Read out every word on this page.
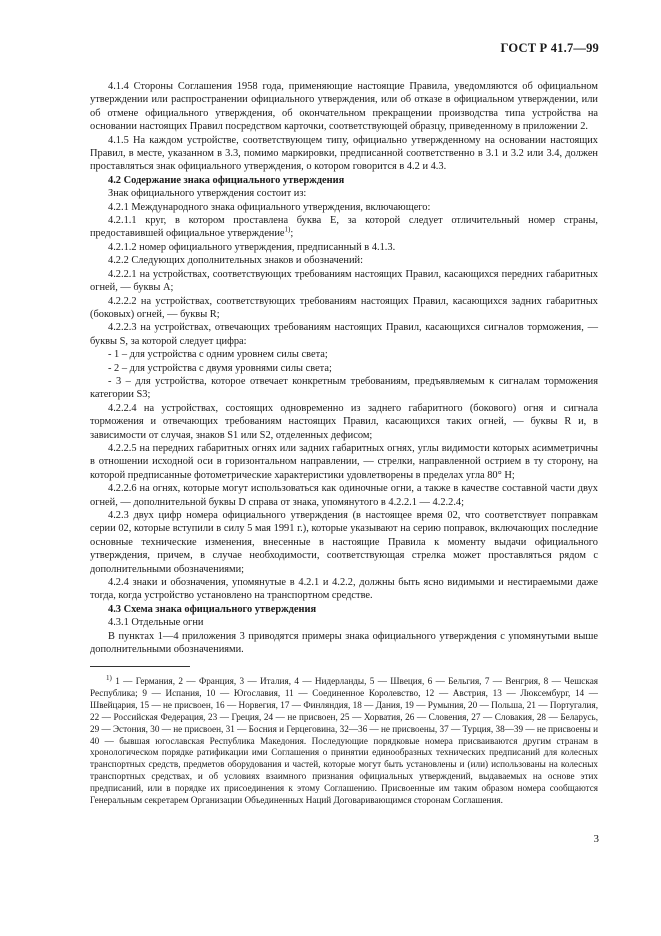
ГОСТ Р 41.7—99

4.1.4 Стороны Соглашения 1958 года, применяющие настоящие Правила, уведомляются об официальном утверждении или распространении официального утверждения, или об отказе в официальном утверждении, или об отмене официального утверждения, об окончательном прекращении производства типа устройства на основании настоящих Правил посредством карточки, соответствующей образцу, приведенному в приложении 2.

4.1.5 На каждом устройстве, соответствующем типу, официально утвержденному на основании настоящих Правил, в месте, указанном в 3.3, помимо маркировки, предписанной соответственно в 3.1 и 3.2 или 3.4, должен проставляться знак официального утверждения, о котором говорится в 4.2 и 4.3.

4.2 Содержание знака официального утверждения

Знак официального утверждения состоит из:

4.2.1 Международного знака официального утверждения, включающего:

4.2.1.1 круг, в котором проставлена буква Е, за которой следует отличительный номер страны, предоставившей официальное утверждение$^{1)}$;

4.2.1.2 номер официального утверждения, предписанный в 4.1.3.

4.2.2 Следующих дополнительных знаков и обозначений:

4.2.2.1 на устройствах, соответствующих требованиям настоящих Правил, касающихся передних габаритных огней, — буквы А;

4.2.2.2 на устройствах, соответствующих требованиям настоящих Правил, касающихся задних габаритных (боковых) огней, — буквы R;

4.2.2.3 на устройствах, отвечающих требованиям настоящих Правил, касающихся сигналов торможения, — буквы S, за которой следует цифра:

- 1 – для устройства с одним уровнем силы света;

- 2 – для устройства с двумя уровнями силы света;

- 3 – для устройства, которое отвечает конкретным требованиям, предъявляемым к сигналам торможения категории S3;

4.2.2.4 на устройствах, состоящих одновременно из заднего габаритного (бокового) огня и сигнала торможения и отвечающих требованиям настоящих Правил, касающихся таких огней, — буквы R и, в зависимости от случая, знаков S1 или S2, отделенных дефисом;

4.2.2.5 на передних габаритных огнях или задних габаритных огнях, углы видимости которых асимметричны в отношении исходной оси в горизонтальном направлении, — стрелки, направленной острием в ту сторону, на которой предписанные фотометрические характеристики удовлетворены в пределах угла 80° H;

4.2.2.6 на огнях, которые могут использоваться как одиночные огни, а также в качестве составной части двух огней, — дополнительной буквы D справа от знака, упомянутого в 4.2.2.1 — 4.2.2.4;

4.2.3 двух цифр номера официального утверждения (в настоящее время 02, что соответствует поправкам серии 02, которые вступили в силу 5 мая 1991 г.), которые указывают на серию поправок, включающих последние основные технические изменения, внесенные в настоящие Правила к моменту выдачи официального утверждения, причем, в случае необходимости, соответствующая стрелка может проставляться рядом с дополнительными обозначениями;

4.2.4 знаки и обозначения, упомянутые в 4.2.1 и 4.2.2, должны быть ясно видимыми и нестираемыми даже тогда, когда устройство установлено на транспортном средстве.

4.3 Схема знака официального утверждения

4.3.1 Отдельные огни

В пунктах 1—4 приложения 3 приводятся примеры знака официального утверждения с упомянутыми выше дополнительными обозначениями.

$^{1)}$ 1 — Германия, 2 — Франция, 3 — Италия, 4 — Нидерланды, 5 — Швеция, 6 — Бельгия, 7 — Венгрия, 8 — Чешская Республика; 9 — Испания, 10 — Югославия, 11 — Соединенное Королевство, 12 — Австрия, 13 — Люксембург, 14 — Швейцария, 15 — не присвоен, 16 — Норвегия, 17 — Финляндия, 18 — Дания, 19 — Румыния, 20 — Польша, 21 — Португалия, 22 — Российская Федерация, 23 — Греция, 24 — не присвоен, 25 — Хорватия, 26 — Словения, 27 — Словакия, 28 — Беларусь, 29 — Эстония, 30 — не присвоен, 31 — Босния и Герцеговина, 32—36 — не присвоены, 37 — Турция, 38—39 — не присвоены и 40 — бывшая югославская Республика Македония. Последующие порядковые номера присваиваются другим странам в хронологическом порядке ратификации ими Соглашения о принятии единообразных технических предписаний для колесных транспортных средств, предметов оборудования и частей, которые могут быть установлены и (или) использованы на колесных транспортных средствах, и об условиях взаимного признания официальных утверждений, выдаваемых на основе этих предписаний, или в порядке их присоединения к этому Соглашению. Присвоенные им таким образом номера сообщаются Генеральным секретарем Организации Объединенных Наций Договаривающимся сторонам Соглашения.

3
